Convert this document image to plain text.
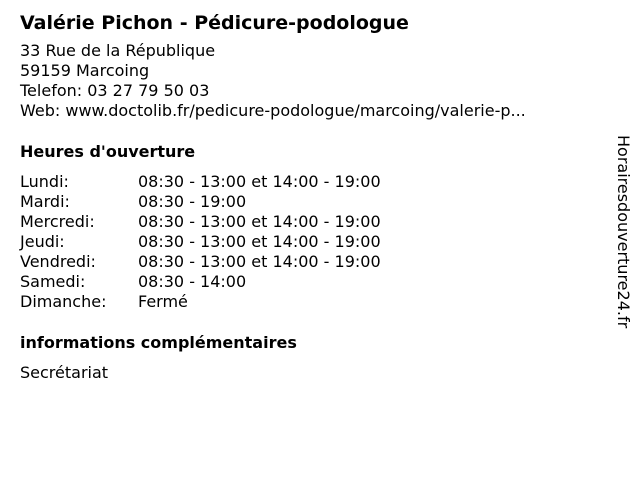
Valérie Pichon - Pédicure-podologue
33 Rue de la République
59159 Marcoing
Telefon: 03 27 79 50 03
Web: www.doctolib.fr/pedicure-podologue/marcoing/valerie-p...
Heures d'ouverture
Lundi:	08:30 - 13:00 et 14:00 - 19:00
Mardi:	08:30 - 19:00
Mercredi:	08:30 - 13:00 et 14:00 - 19:00
Jeudi:	08:30 - 13:00 et 14:00 - 19:00
Vendredi:	08:30 - 13:00 et 14:00 - 19:00
Samedi:	08:30 - 14:00
Dimanche:	Fermé
informations complémentaires
Secrétariat
Horairesdouverture24.fr
